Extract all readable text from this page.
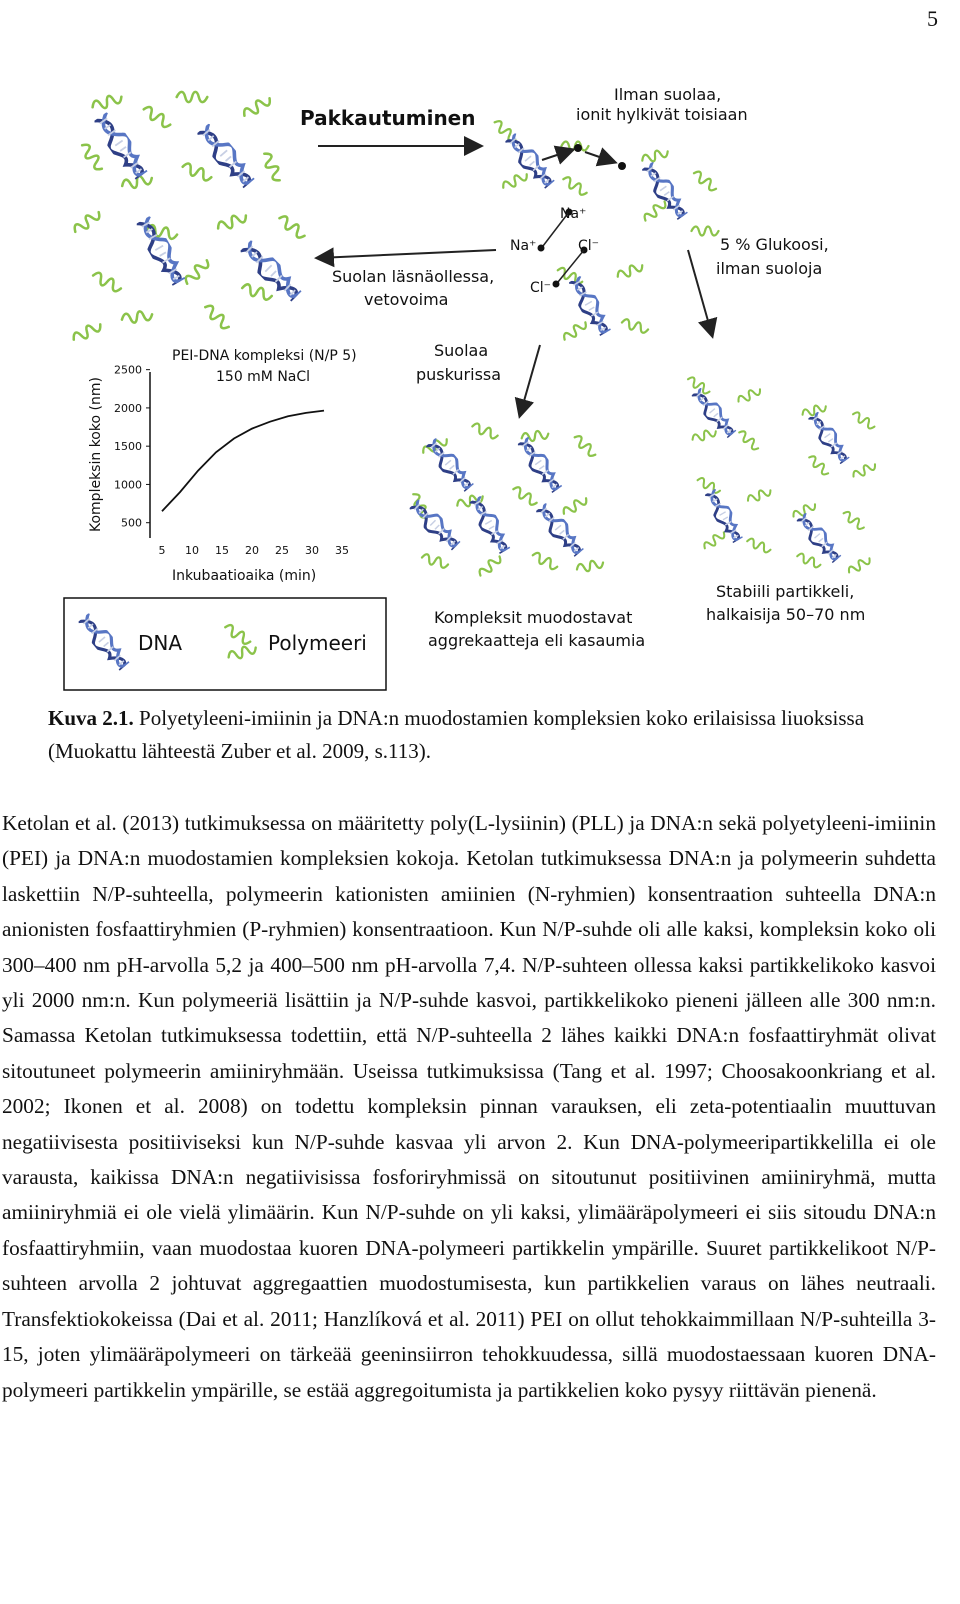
5
Na⁺
Na⁺	Cl⁻
Cl⁻
Pakkautuminen
Ilman suolaa,
ionit hylkivät toisiaan
Suolan läsnäollessa,
vetovoima
Suolaa
puskurissa
5 % Glukoosi,
ilman suoloja
Kompleksit muodostavat
aggrekaatteja eli kasaumia
Stabiili partikkeli,
halkaisija 50–70 nm
PEI-DNA kompleksi (N/P 5)
150 mM NaCl
500
1000
1500
2000
2500
5 10 15 20 25 30 35
Inkubaatioaika (min)
Kompleksin koko (nm)
DNA	Polymeeri
Kuva 2.1. Polyetyleeni-imiinin ja DNA:n muodostamien kompleksien koko erilaisissa liuoksissa (Muokattu lähteestä Zuber et al. 2009, s.113).

Ketolan et al. (2013) tutkimuksessa on määritetty poly(L-lysiinin) (PLL) ja DNA:n sekä polyetyleeni-imiinin (PEI) ja DNA:n muodostamien kompleksien kokoja. Ketolan tutkimuksessa DNA:n ja polymeerin suhdetta laskettiin N/P-suhteella, polymeerin kationisten amiinien (N-ryhmien) konsentraation suhteella DNA:n anionisten fosfaattiryhmien (P-ryhmien) konsentraatioon. Kun N/P-suhde oli alle kaksi, kompleksin koko oli 300–400 nm pH-arvolla 5,2 ja 400–500 nm pH-arvolla 7,4. N/P-suhteen ollessa kaksi partikkelikoko kasvoi yli 2000 nm:n. Kun polymeeriä lisättiin ja N/P-suhde kasvoi, partikkelikoko pieneni jälleen alle 300 nm:n. Samassa Ketolan tutkimuksessa todettiin, että N/P-suhteella 2 lähes kaikki DNA:n fosfaattiryhmät olivat sitoutuneet polymeerin amiiniryhmään. Useissa tutkimuksissa (Tang et al. 1997; Choosakoonkriang et al. 2002; Ikonen et al. 2008) on todettu kompleksin pinnan varauksen, eli zeta-potentiaalin muuttuvan negatiivisesta positiiviseksi kun N/P-suhde kasvaa yli arvon 2. Kun DNA-polymeeripartikkelilla ei ole varausta, kaikissa DNA:n negatiivisissa fosforiryhmissä on sitoutunut positiivinen amiiniryhmä, mutta amiiniryhmiä ei ole vielä ylimäärin. Kun N/P-suhde on yli kaksi, ylimääräpolymeeri ei siis sitoudu DNA:n fosfaattiryhmiin, vaan muodostaa kuoren DNA-polymeeri partikkelin ympärille. Suuret partikkelikoot N/P-suhteen arvolla 2 johtuvat aggregaattien muodostumisesta, kun partikkelien varaus on lähes neutraali. Transfektiokokeissa (Dai et al. 2011; Hanzlíková et al. 2011) PEI on ollut tehokkaimmillaan N/P-suhteilla 3-15, joten ylimääräpolymeeri on tärkeää geeninsiirron tehokkuudessa, sillä muodostaessaan kuoren DNA-polymeeri partikkelin ympärille, se estää aggregoitumista ja partikkelien koko pysyy riittävän pienenä.
